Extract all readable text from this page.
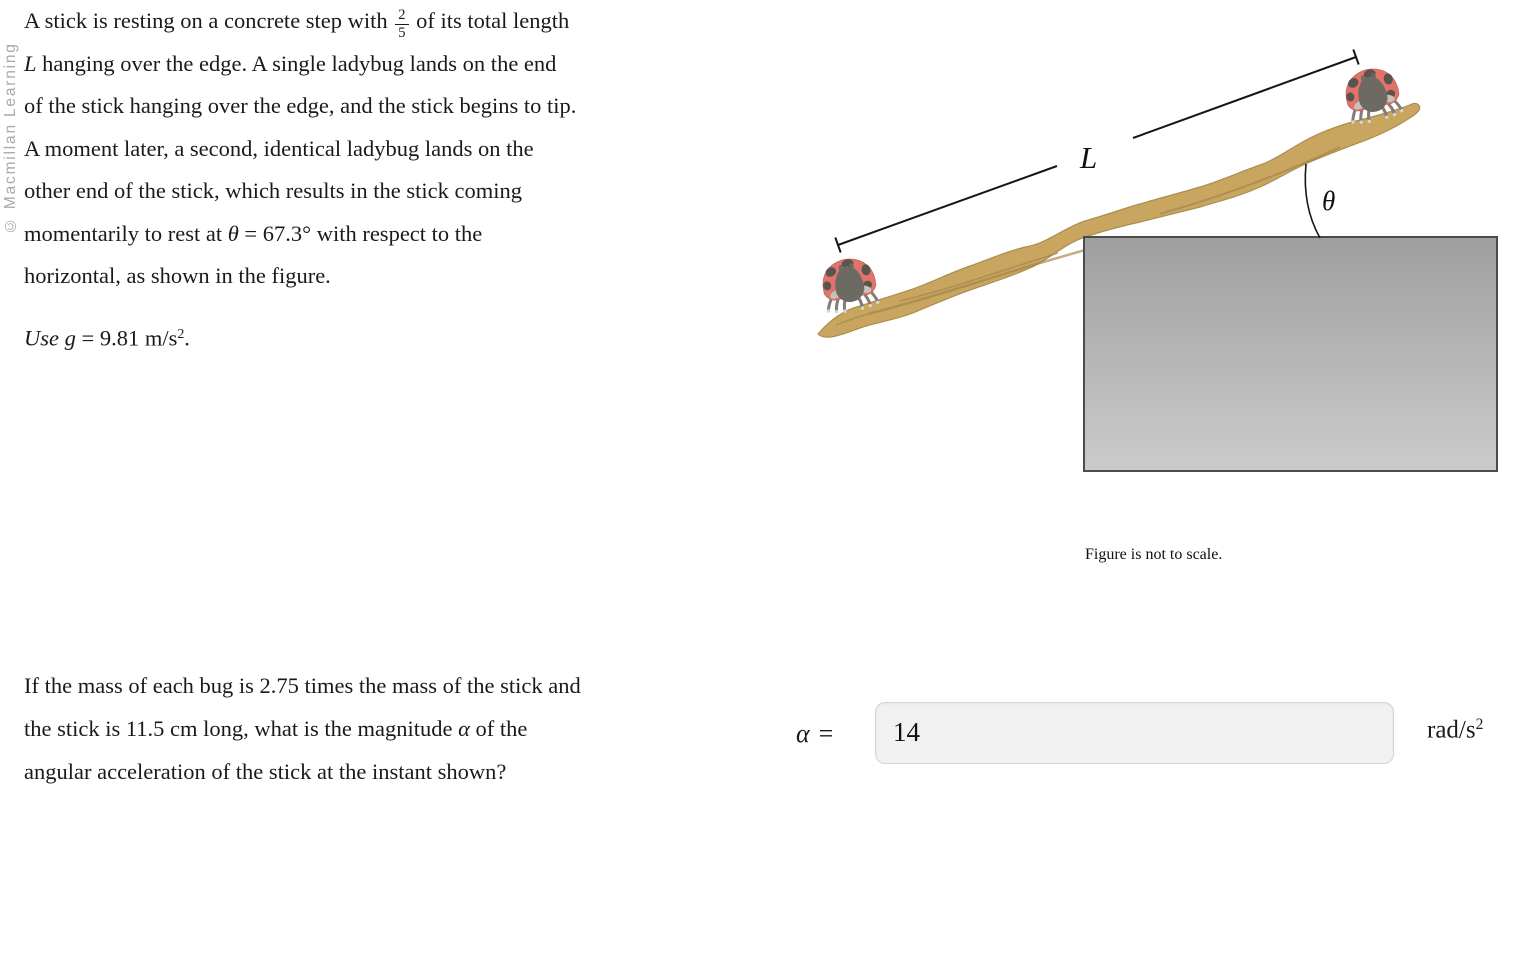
© Macmillan Learning
A stick is resting on a concrete step with $\frac{2}{5}$ of its total length
L hanging over the edge. A single ladybug lands on the end
of the stick hanging over the edge, and the stick begins to tip.
A moment later, a second, identical ladybug lands on the
other end of the stick, which results in the stick coming
momentarily to rest at θ = 67.3° with respect to the
horizontal, as shown in the figure.
Use g = 9.81 $m/s^2$.
L
θ
Figure is not to scale.
If the mass of each bug is 2.75 times the mass of the stick and
the stick is 11.5 cm long, what is the magnitude α of the
angular acceleration of the stick at the instant shown?
α =
14	rad/$s^2$
